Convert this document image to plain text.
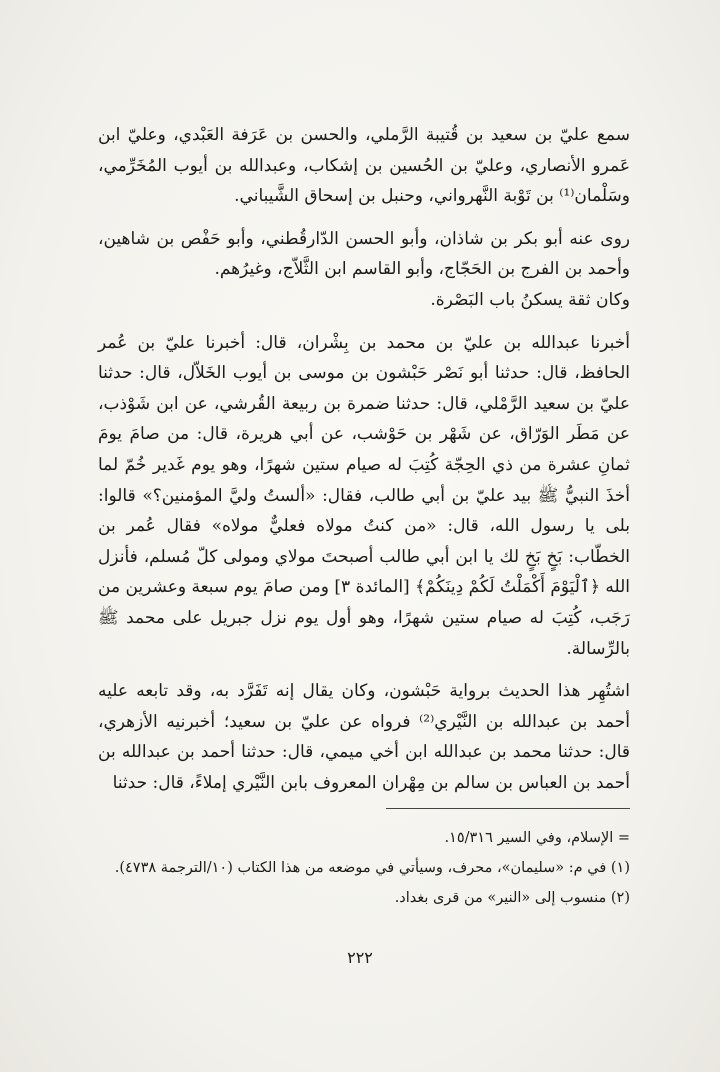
سمع عليّ بن سعيد بن قُتيبة الرَّملي، والحسن بن عَرَفة العَبْدي، وعليّ ابن عَمرو الأنصاري، وعليّ بن الحُسين بن إشكاب، وعبدالله بن أيوب المُخَرِّمي، وسَلْمان⁽¹⁾ بن تَوْبة النَّهرواني، وحنبل بن إسحاق الشَّيباني.

روى عنه أبو بكر بن شاذان، وأبو الحسن الدّارقُطني، وأبو حَفْص بن شاهين، وأحمد بن الفرج بن الحَجّاج، وأبو القاسم ابن الثَّلاّج، وغيرُهم.

وكان ثقة يسكنُ باب البَصْرة.

أخبرنا عبدالله بن عليّ بن محمد بن بِشْران، قال: أخبرنا عليّ بن عُمر الحافظ، قال: حدثنا أبو نَصْر حَبْشون بن موسى بن أيوب الخَلاّل، قال: حدثنا عليّ بن سعيد الرَّمْلي، قال: حدثنا ضمرة بن ربيعة القُرشي، عن ابن شَوْذب، عن مَطَر الوَرّاق، عن شَهْر بن حَوْشب، عن أبي هريرة، قال: من صامَ يومَ ثمانِ عشرة من ذي الحِجّة كُتِبَ له صيام ستين شهرًا، وهو يوم غَدير خُمّ لما أخذَ النبيُّ ﷺ بيد عليّ بن أبي طالب، فقال: «ألستُ وليَّ المؤمنين؟» قالوا: بلى يا رسول الله، قال: «من كنتُ مولاه فعليٌّ مولاه» فقال عُمر بن الخطّاب: بَخٍ بَخٍ لك يا ابن أبي طالب أصبحتَ مولاي ومولى كلّ مُسلم، فأنزل الله ﴿ٱلْيَوْمَ أَكْمَلْتُ لَكُمْ دِينَكُمْ﴾ [المائدة ٣] ومن صامَ يوم سبعة وعشرين من رَجَب، كُتِبَ له صيام ستين شهرًا، وهو أول يوم نزل جبريل على محمد ﷺ بالرِّسالة.

اشتُهِر هذا الحديث برواية حَبْشون، وكان يقال إنه تَفَرَّد به، وقد تابعه عليه أحمد بن عبدالله بن النَّيْري⁽²⁾ فرواه عن عليّ بن سعيد؛ أخبرنيه الأزهري، قال: حدثنا محمد بن عبدالله ابن أخي ميمي، قال: حدثنا أحمد بن عبدالله بن أحمد بن العباس بن سالم بن مِهْران المعروف بابن النَّيْري إملاءً، قال: حدثنا

= الإسلام، وفي السير ١٥/٣١٦.

(١) في م: «سليمان»، محرف، وسيأتي في موضعه من هذا الكتاب (١٠/الترجمة ٤٧٣٨).

(٢) منسوب إلى «النير» من قرى بغداد.

٢٢٢
